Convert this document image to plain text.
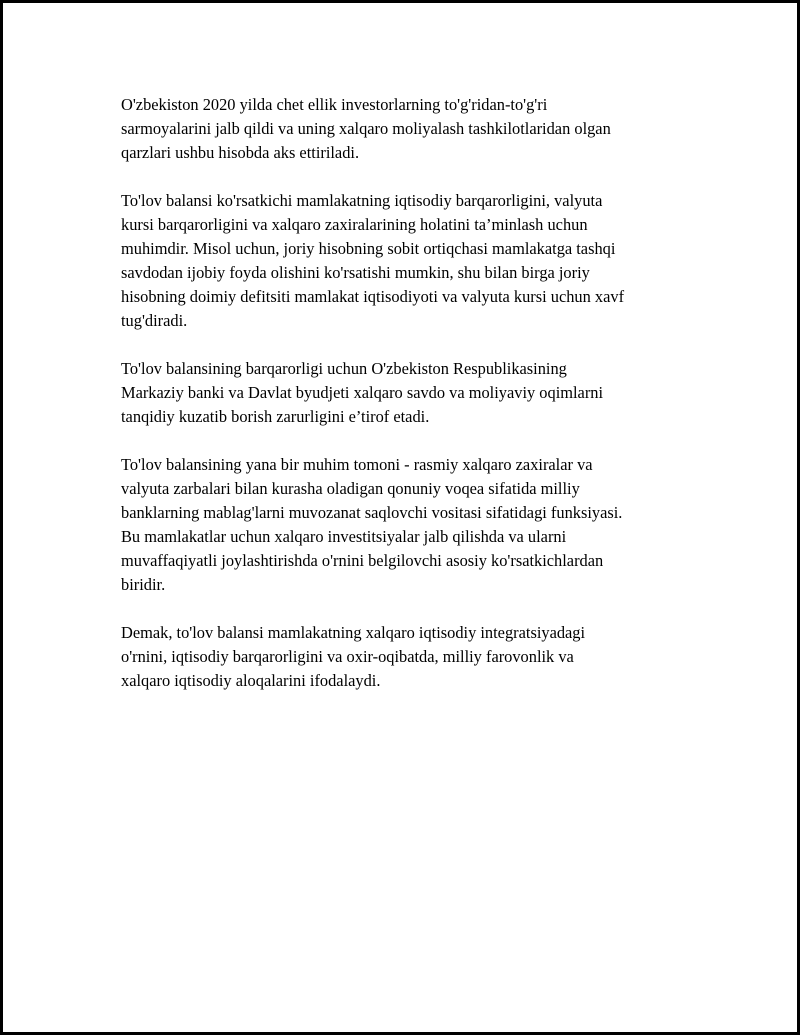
O'zbekiston 2020 yilda chet ellik investorlarning to'g'ridan-to'g'ri
sarmoyalarini jalb qildi va uning xalqaro moliyalash tashkilotlaridan olgan
qarzlari ushbu hisobda aks ettiriladi.

To'lov balansi ko'rsatkichi mamlakatning iqtisodiy barqarorligini, valyuta
kursi barqarorligini va xalqaro zaxiralarining holatini ta’minlash uchun
muhimdir. Misol uchun, joriy hisobning sobit ortiqchasi mamlakatga tashqi
savdodan ijobiy foyda olishini ko'rsatishi mumkin, shu bilan birga joriy
hisobning doimiy defitsiti mamlakat iqtisodiyoti va valyuta kursi uchun xavf
tug'diradi.

To'lov balansining barqarorligi uchun O'zbekiston Respublikasining
Markaziy banki va Davlat byudjeti xalqaro savdo va moliyaviy oqimlarni
tanqidiy kuzatib borish zarurligini e’tirof etadi.

To'lov balansining yana bir muhim tomoni - rasmiy xalqaro zaxiralar va
valyuta zarbalari bilan kurasha oladigan qonuniy voqea sifatida milliy
banklarning mablag'larni muvozanat saqlovchi vositasi sifatidagi funksiyasi.
Bu mamlakatlar uchun xalqaro investitsiyalar jalb qilishda va ularni
muvaffaqiyatli joylashtirishda o'rnini belgilovchi asosiy ko'rsatkichlardan
biridir.

Demak, to'lov balansi mamlakatning xalqaro iqtisodiy integratsiyadagi
o'rnini, iqtisodiy barqarorligini va oxir-oqibatda, milliy farovonlik va
xalqaro iqtisodiy aloqalarini ifodalaydi.
